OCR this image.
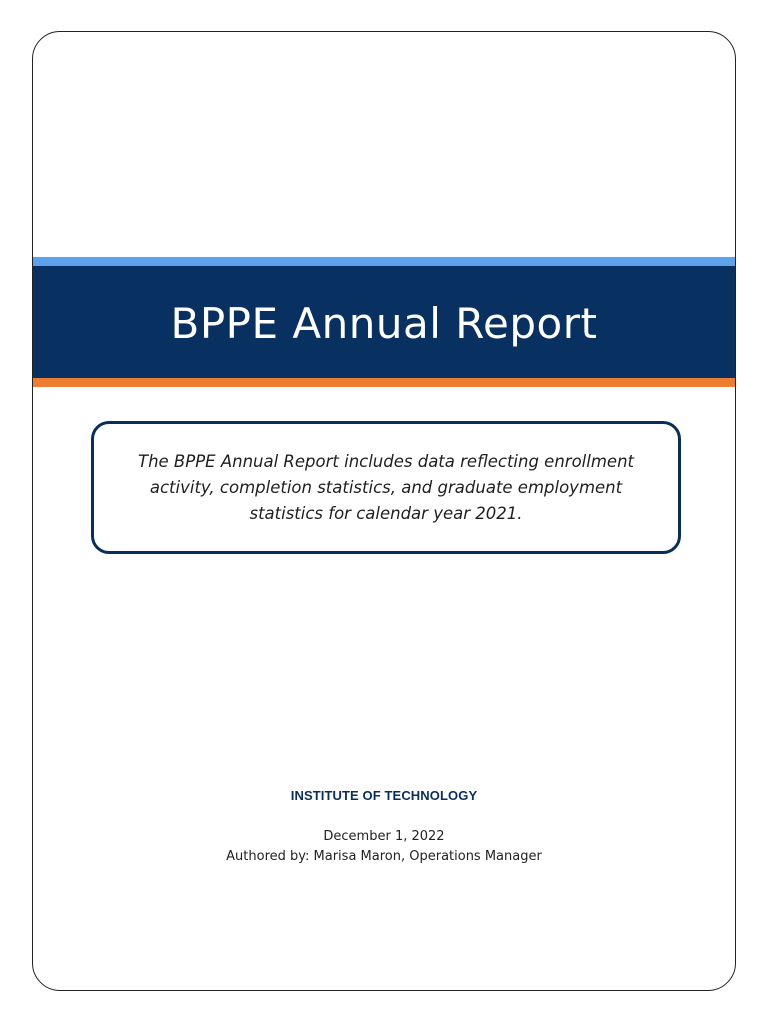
BPPE Annual Report

The BPPE Annual Report includes data reflecting enrollment activity, completion statistics, and graduate employment statistics for calendar year 2021.

INSTITUTE OF TECHNOLOGY
December 1, 2022
Authored by: Marisa Maron, Operations Manager
